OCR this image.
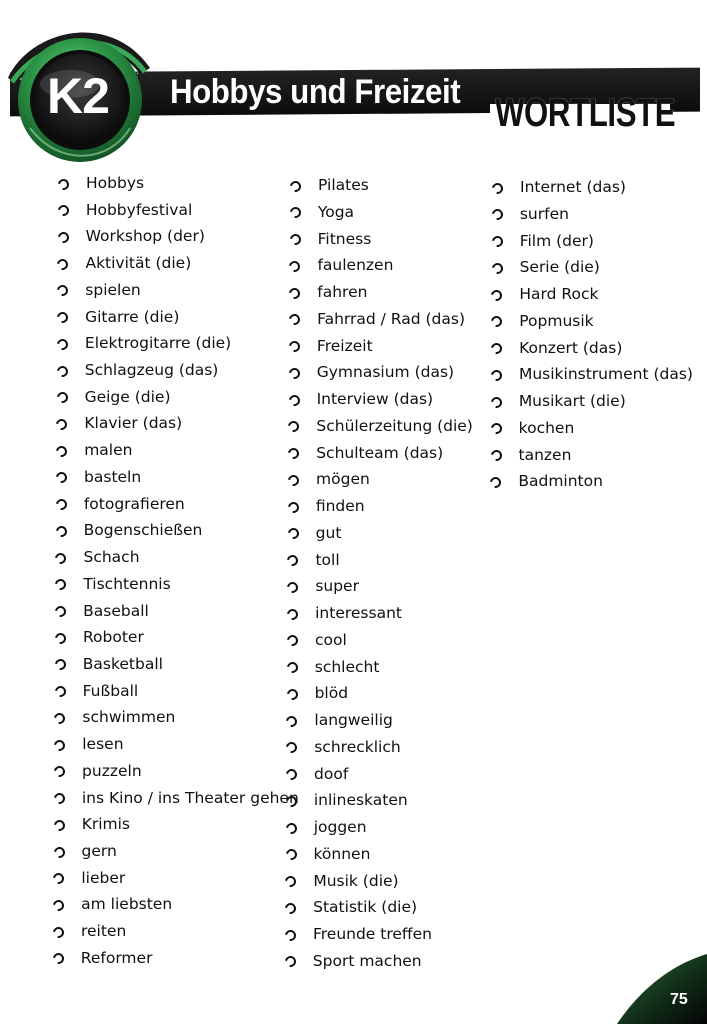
Hobbys und Freizeit WORTLISTE
K2
Hobbys
Hobbyfestival
Workshop (der)
Aktivität (die)
spielen
Gitarre (die)
Elektrogitarre (die)
Schlagzeug (das)
Geige (die)
Klavier (das)
malen
basteln
fotografieren
Bogenschießen
Schach
Tischtennis
Baseball
Roboter
Basketball
Fußball
schwimmen
lesen
puzzeln
ins Kino / ins Theater gehen
Krimis
gern
lieber
am liebsten
reiten
Reformer
Pilates
Yoga
Fitness
faulenzen
fahren
Fahrrad / Rad (das)
Freizeit
Gymnasium (das)
Interview (das)
Schülerzeitung (die)
Schulteam (das)
mögen
finden
gut
toll
super
interessant
cool
schlecht
blöd
langweilig
schrecklich
doof
inlineskaten
joggen
können
Musik (die)
Statistik (die)
Freunde treffen
Sport machen
Internet (das)
surfen
Film (der)
Serie (die)
Hard Rock
Popmusik
Konzert (das)
Musikinstrument (das)
Musikart (die)
kochen
tanzen
Badminton
75
